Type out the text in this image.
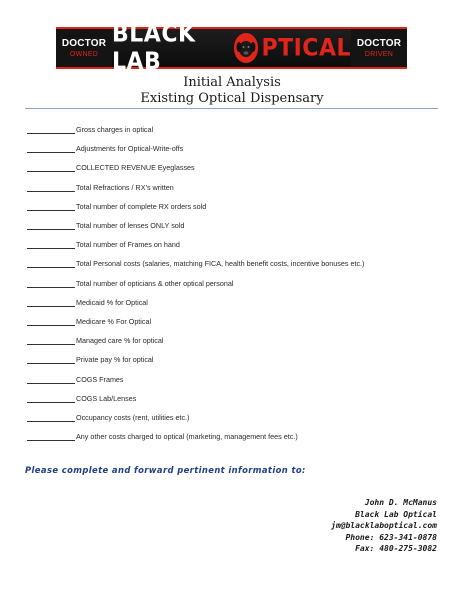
DOCTOR
OWNED
BLACK LAB	PTICAL DOCTOR
DRIVEN
Initial Analysis
Existing Optical Dispensary

Gross charges in optical

Adjustments for Optical-Write-offs

COLLECTED REVENUE Eyeglasses

Total Refractions / RX’s written

Total number of complete RX orders sold

Total number of lenses ONLY sold

Total number of Frames on hand

Total Personal costs (salaries, matching FICA, health benefit costs, incentive bonuses etc.)

Total number of opticians & other optical personal

Medicaid % for Optical

Medicare % For Optical

Managed care % for optical

Private pay % for optical

COGS Frames

COGS Lab/Lenses

Occupancy costs (rent, utilities etc.)

Any other costs charged to optical (marketing, management fees etc.)
Please complete and forward pertinent information to:
John D. McManus
Black Lab Optical
jm@blacklaboptical.com
Phone: 623-341-0878
Fax: 480-275-3082
